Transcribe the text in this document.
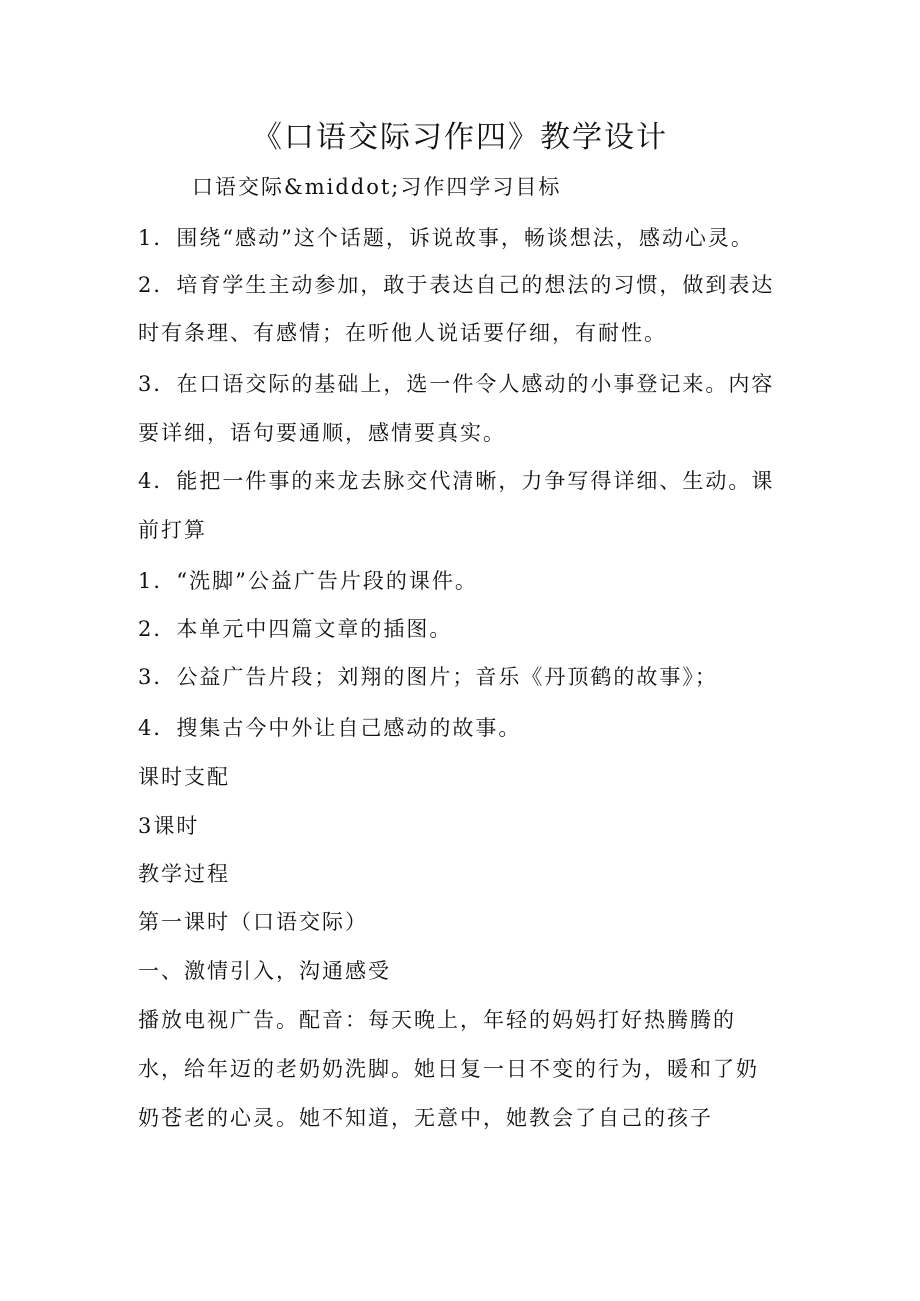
《口语交际习作四》教学设计
口语交际&middot;习作四学习目标
1．围绕“感动”这个话题，诉说故事，畅谈想法，感动心灵。
2．培育学生主动参加，敢于表达自己的想法的习惯，做到表达
时有条理、有感情；在听他人说话要仔细，有耐性。
3．在口语交际的基础上，选一件令人感动的小事登记来。内容
要详细，语句要通顺，感情要真实。
4．能把一件事的来龙去脉交代清晰，力争写得详细、生动。课
前打算
1．“洗脚”公益广告片段的课件。
2．本单元中四篇文章的插图。
3．公益广告片段；刘翔的图片；音乐《丹顶鹤的故事》；
4．搜集古今中外让自己感动的故事。
课时支配
3课时
教学过程
第一课时（口语交际）
一、激情引入，沟通感受
播放电视广告。配音：每天晚上，年轻的妈妈打好热腾腾的
水，给年迈的老奶奶洗脚。她日复一日不变的行为，暖和了奶
奶苍老的心灵。她不知道，无意中，她教会了自己的孩子
